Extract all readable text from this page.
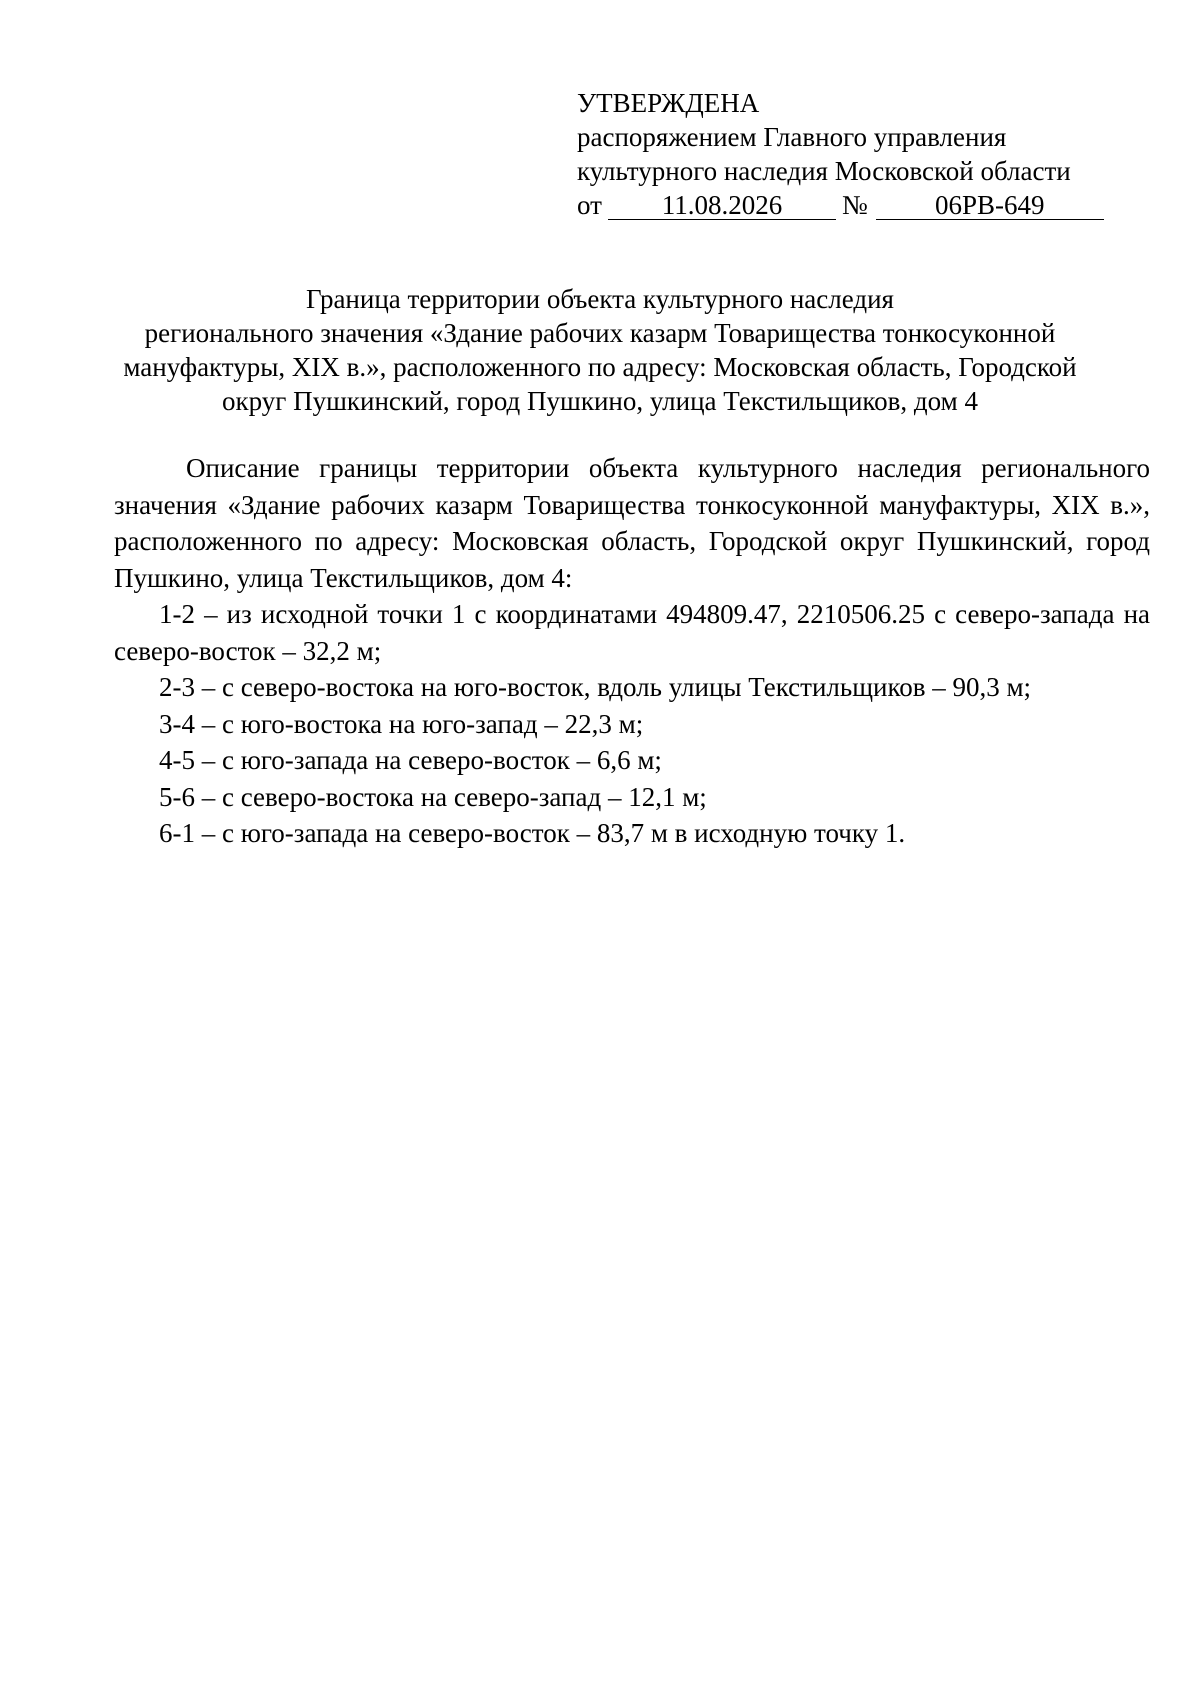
УТВЕРЖДЕНА
распоряжением Главного управления
культурного наследия Московской области
от	11.08.2026	№	06РВ-649
Граница территории объекта культурного наследия
регионального значения «Здание рабочих казарм Товарищества тонкосуконной
мануфактуры, XIX в.», расположенного по адресу: Московская область, Городской
округ Пушкинский, город Пушкино, улица Текстильщиков, дом 4

Описание границы территории объекта культурного наследия регионального значения «Здание рабочих казарм Товарищества тонкосуконной мануфактуры, XIX в.», расположенного по адресу: Московская область, Городской округ Пушкинский, город Пушкино, улица Текстильщиков, дом 4:

1-2 – из исходной точки 1 с координатами 494809.47, 2210506.25 с северо-запада на северо-восток – 32,2 м;

2-3 – с северо-востока на юго-восток, вдоль улицы Текстильщиков – 90,3 м;

3-4 – с юго-востока на юго-запад – 22,3 м;

4-5 – с юго-запада на северо-восток – 6,6 м;

5-6 – с северо-востока на северо-запад – 12,1 м;

6-1 – с юго-запада на северо-восток – 83,7 м в исходную точку 1.
